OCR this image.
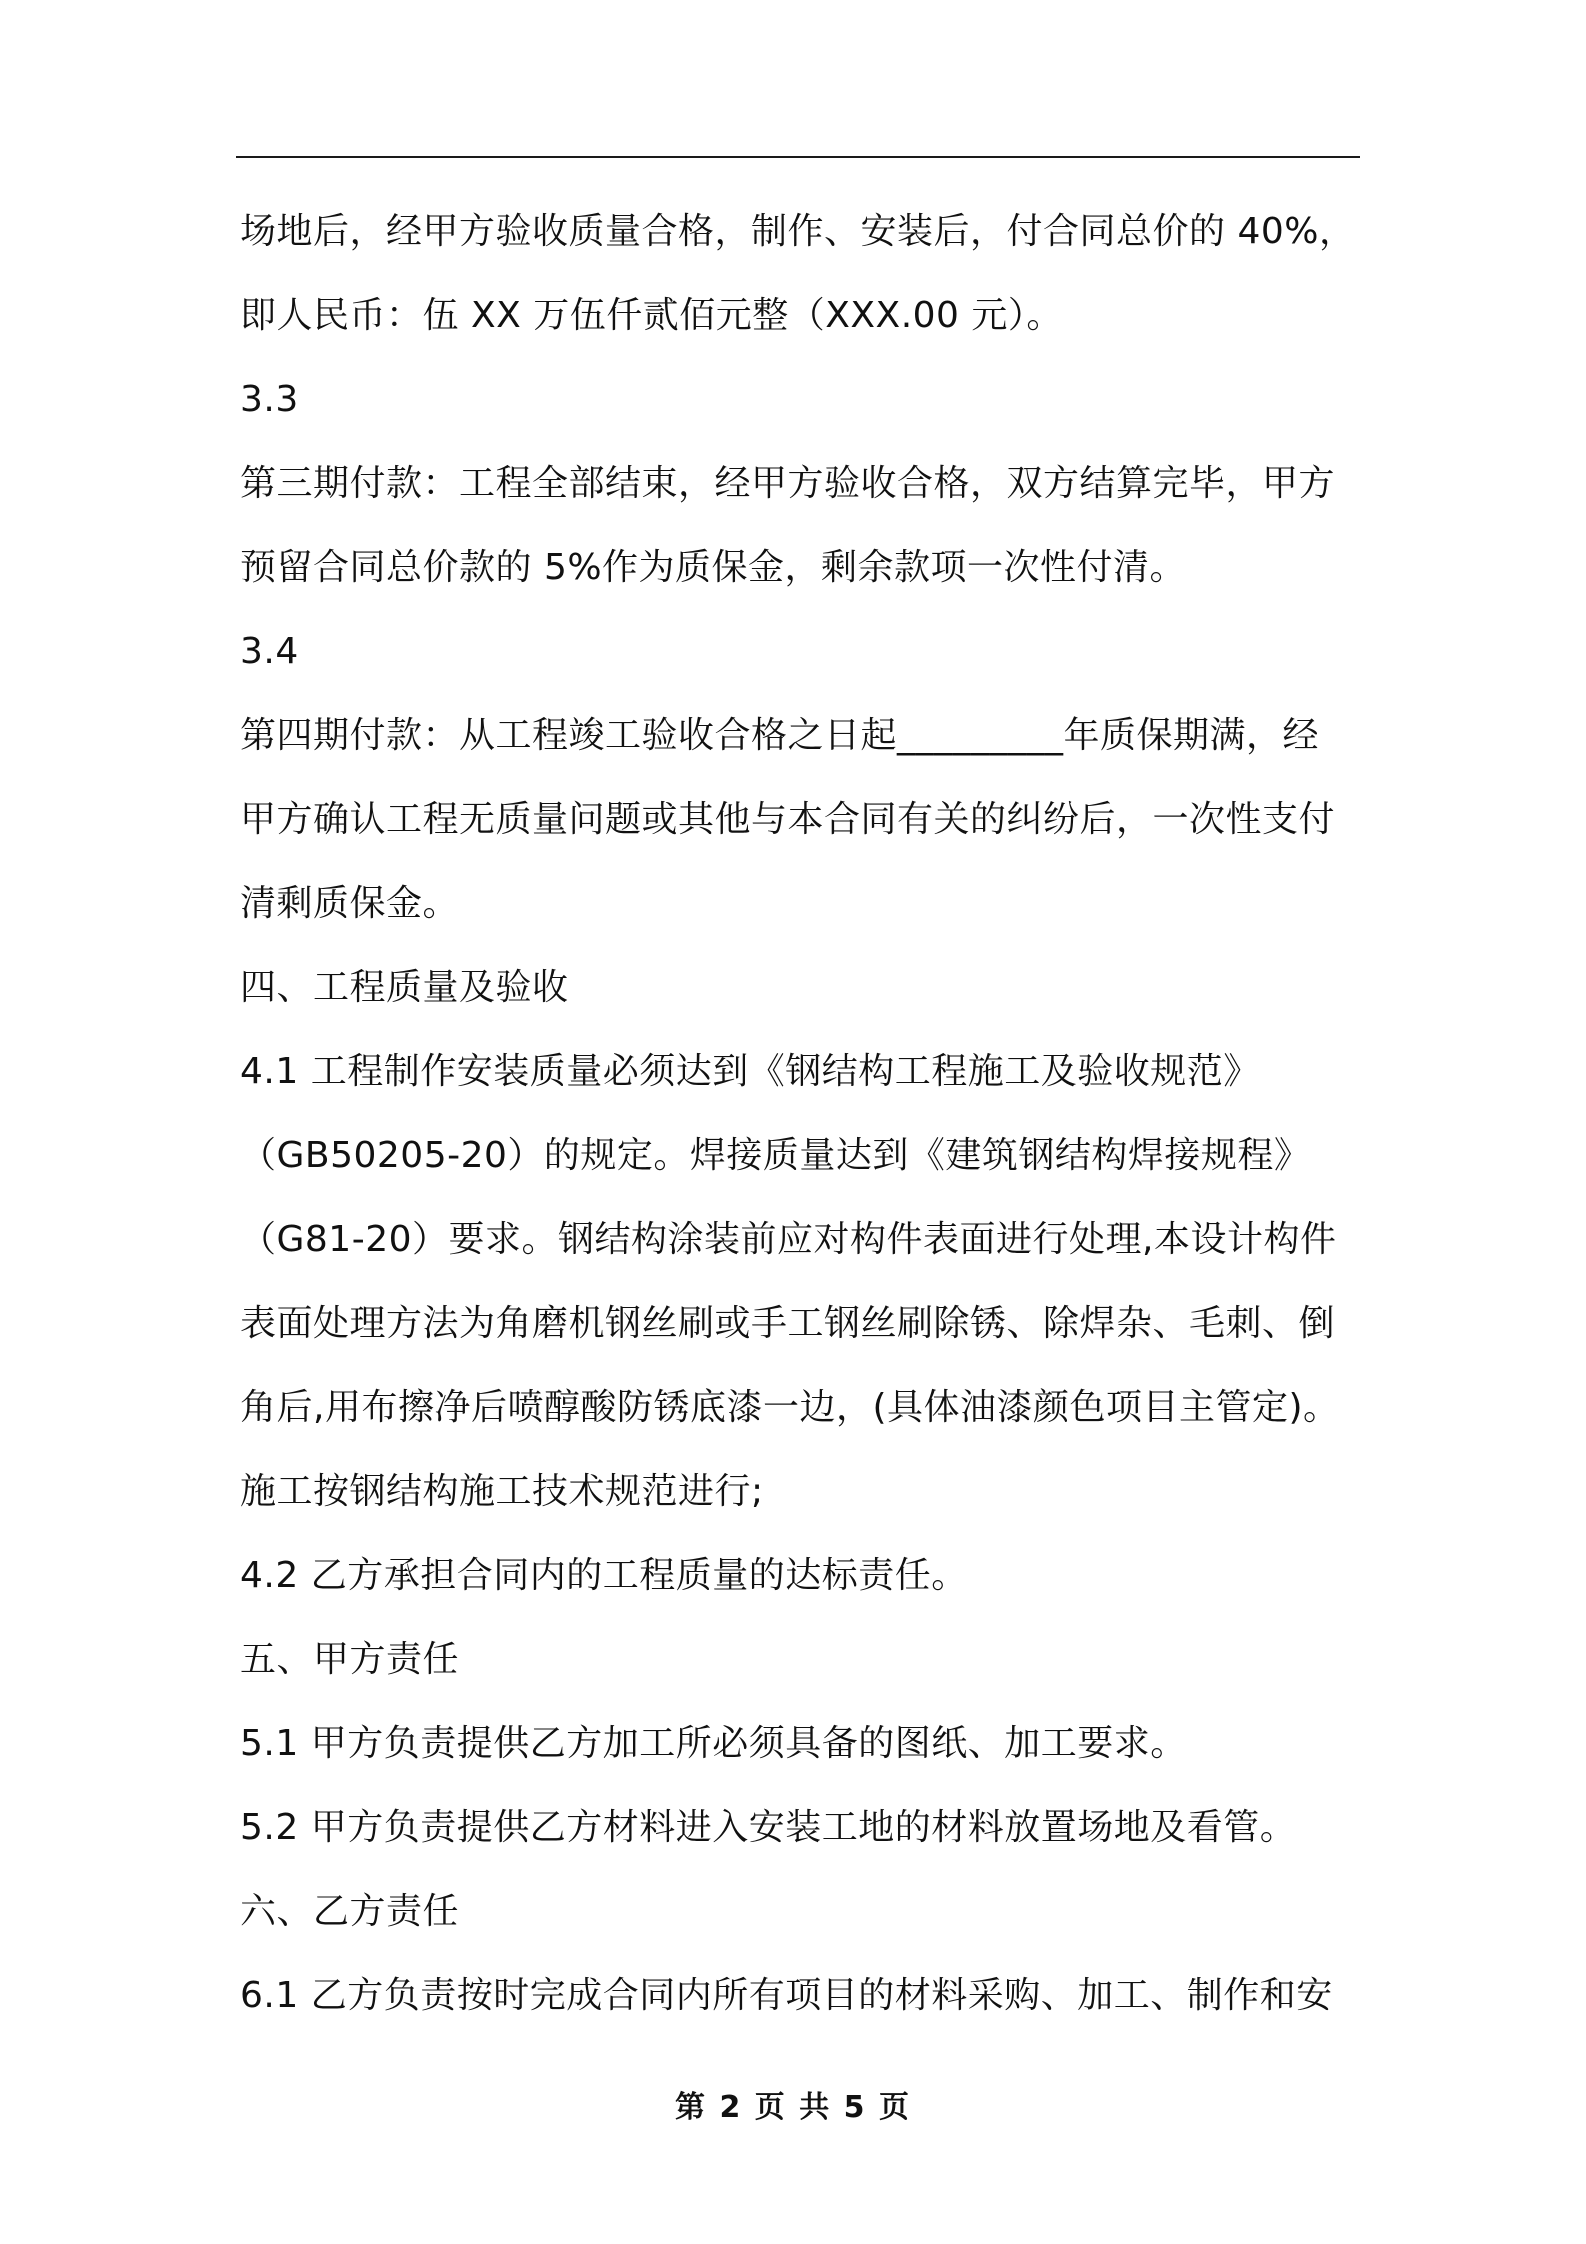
场地后，经甲方验收质量合格，制作、安装后，付合同总价的 40%，
即人民币：伍 XX 万伍仟贰佰元整（XXX.00 元）。
3.3
第三期付款：工程全部结束，经甲方验收合格，双方结算完毕，甲方
预留合同总价款的 5%作为质保金，剩余款项一次性付清。
3.4
第四期付款：从工程竣工验收合格之日起_________年质保期满，经
甲方确认工程无质量问题或其他与本合同有关的纠纷后，一次性支付
清剩质保金。
四、工程质量及验收
4.1 工程制作安装质量必须达到《钢结构工程施工及验收规范》
（GB50205-20）的规定。焊接质量达到《建筑钢结构焊接规程》
（G81-20）要求。钢结构涂装前应对构件表面进行处理,本设计构件
表面处理方法为角磨机钢丝刷或手工钢丝刷除锈、除焊杂、毛刺、倒
角后,用布擦净后喷醇酸防锈底漆一边，(具体油漆颜色项目主管定)。
施工按钢结构施工技术规范进行;
4.2 乙方承担合同内的工程质量的达标责任。
五、甲方责任
5.1 甲方负责提供乙方加工所必须具备的图纸、加工要求。
5.2 甲方负责提供乙方材料进入安装工地的材料放置场地及看管。
六、乙方责任
6.1 乙方负责按时完成合同内所有项目的材料采购、加工、制作和安
第 2 页 共 5 页
